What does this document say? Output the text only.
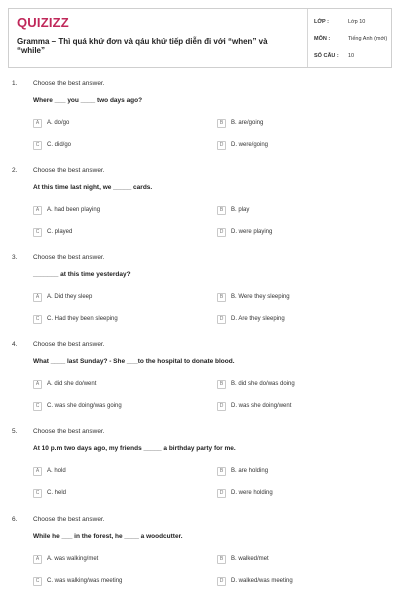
QUIZIZZ
Gramma – Thì quá khứ đơn và qáu khứ tiếp diễn đi với “when” và “while”
LỚP :	Lớp 10
MÔN :	Tiếng Anh (mới)
SỐ CÂU :	10
1. Choose the best answer.
Where ___ you ____ two days ago?
A	A. do/go	B	B. are/going
C	C. did/go	D	D. were/going
2. Choose the best answer.
At this time last night, we _____ cards.
A	A. had been playing	B	B. play
C	C. played	D	D. were playing
3. Choose the best answer.
_______ at this time yesterday?
A	A. Did they sleep	B	B. Were they sleeping
C	C. Had they been sleeping	D	D. Are they sleeping
4. Choose the best answer.
What ____ last Sunday? - She ___to the hospital to donate blood.
A	A. did she do/went	B	B. did she do/was doing
C	C. was she doing/was going	D	D. was she doing/went
5. Choose the best answer.
At 10 p.m two days ago, my friends _____ a birthday party for me.
A	A. hold	B	B. are holding
C	C. held	D	D. were holding
6. Choose the best answer.
While he ___ in the forest, he ____ a woodcutter.
A	A. was walking/met	B	B. walked/met
C	C. was walking/was meeting	D	D. walked/was meeting
